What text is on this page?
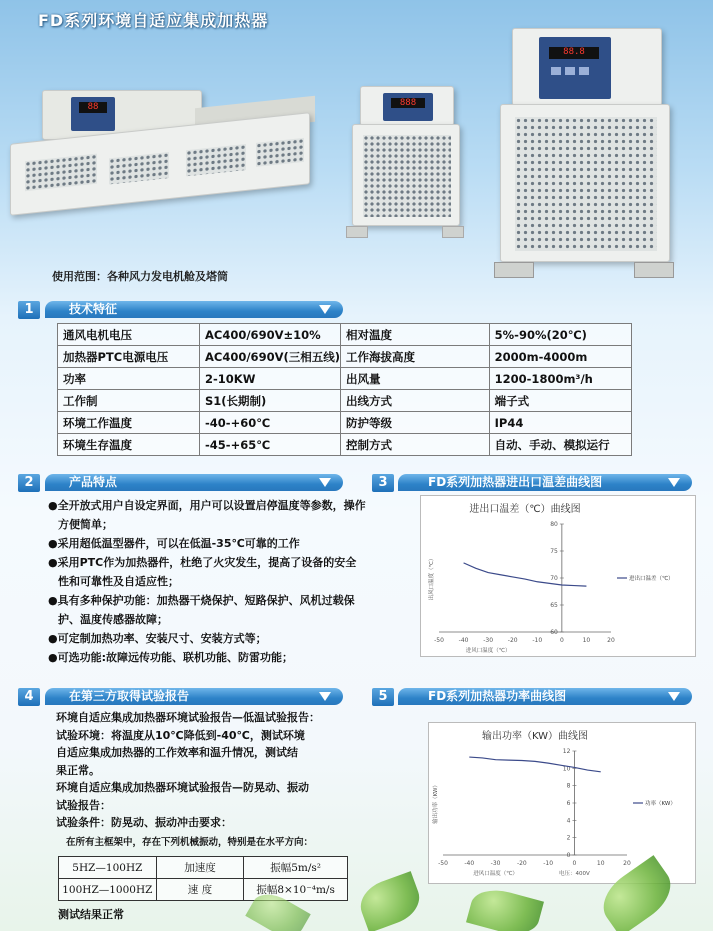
FD系列环境自适应集成加热器
88	888
88.8
使用范围：各种风力发电机舱及塔筒
1	技术特征
通风电机电压	AC400/690V±10%	相对温度	5%-90%(20℃)
加热器PTC电源电压	AC400/690V(三相五线)	工作海拔高度	2000m-4000m
功率	2-10KW	出风量	1200-1800m³/h
工作制	S1(长期制)	出线方式	端子式
环境工作温度	-40-+60℃	防护等级	IP44
环境生存温度	-45-+65℃	控制方式	自动、手动、模拟运行
2	产品特点
●全开放式用户自设定界面，用户可以设置启停温度等参数，操作方便简单；
●采用超低温型器件，可以在低温-35℃可靠的工作
●采用PTC作为加热器件，杜绝了火灾发生，提高了设备的安全性和可靠性及自适应性；
●具有多种保护功能：加热器干烧保护、短路保护、风机过载保护、温度传感器故障；
●可定制加热功率、安装尺寸、安装方式等；
●可选功能:故障远传功能、联机功能、防雷功能；
3	FD系列加热器进出口温差曲线图
进出口温差（℃）曲线图
-50 -40 -30 -20 -10	0	10	20
60
65
70
75
80
进出口温差（℃）
出风口温度（℃）
进风口温度（℃）
4	在第三方取得试验报告
环境自适应集成加热器环境试验报告—低温试验报告：
试验环境：将温度从10℃降低到-40℃，测试环境
自适应集成加热器的工作效率和温升情况，测试结
果正常。
环境自适应集成加热器环境试验报告—防晃动、振动
试验报告：
试验条件：防晃动、振动冲击要求：
在所有主框架中，存在下列机械振动，特别是在水平方向：
5HZ—100HZ	加速度	振幅5m/s²
100HZ—1000HZ	速 度	振幅8×10⁻⁴m/s
测试结果正常
5	FD系列加热器功率曲线图
输出功率（KW）曲线图
-50	-40	-30	-20	-10	0	10	20
0
2
4
6
8
10
12
功率（KW）
输出功率（KW）
进风口温度（℃）	电压：400V
